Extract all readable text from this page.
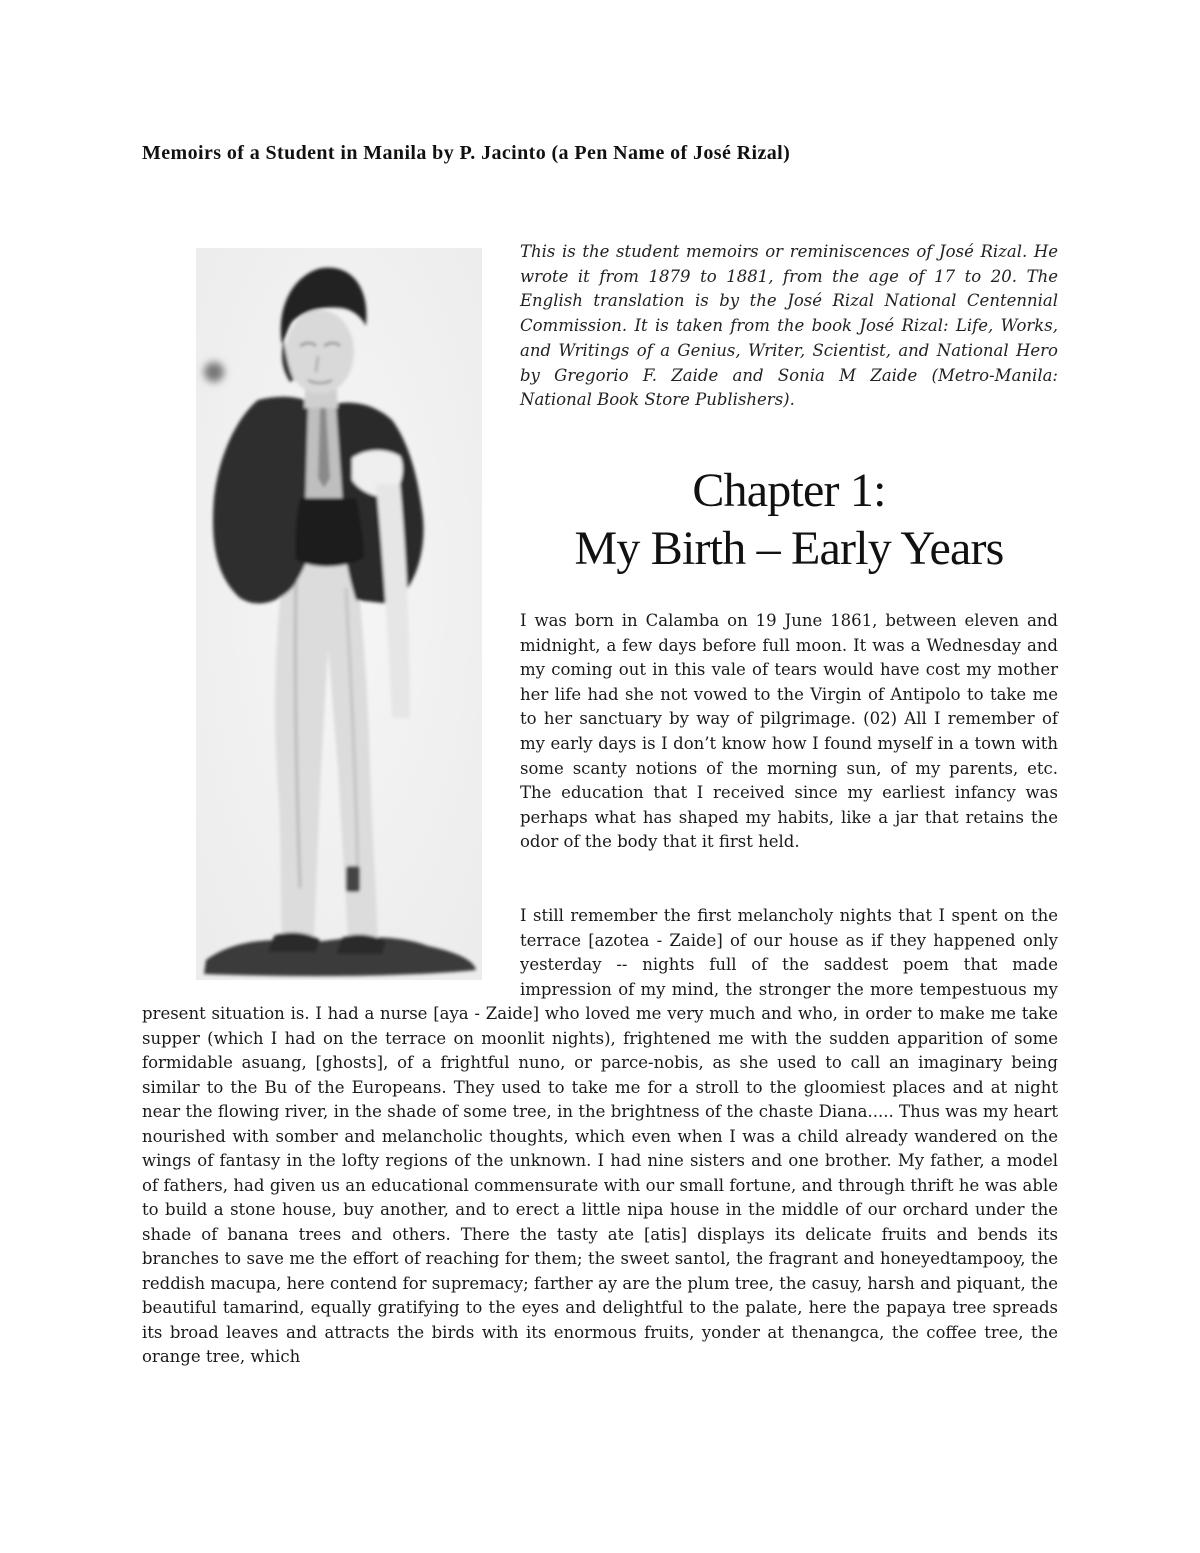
Memoirs of a Student in Manila by P. Jacinto (a Pen Name of José Rizal)

This is the student memoirs or reminiscences of José Rizal. He wrote it from 1879 to 1881, from the age of 17 to 20. The English translation is by the José Rizal National Centennial Commission. It is taken from the book José Rizal: Life, Works, and Writings of a Genius, Writer, Scientist, and National Hero by Gregorio F. Zaide and Sonia M Zaide (Metro-Manila: National Book Store Publishers).

Chapter 1:
My Birth – Early Years

I was born in Calamba on 19 June 1861, between eleven and midnight, a few days before full moon. It was a Wednesday and my coming out in this vale of tears would have cost my mother her life had she not vowed to the Virgin of Antipolo to take me to her sanctuary by way of pilgrimage. (02) All I remember of my early days is I don’t know how I found myself in a town with some scanty notions of the morning sun, of my parents, etc. The education that I received since my earliest infancy was perhaps what has shaped my habits, like a jar that retains the odor of the body that it first held.

I still remember the first melancholy nights that I spent on the terrace [azotea - Zaide] of our house as if they happened only yesterday -- nights full of the saddest poem that made impression of my mind, the stronger the more tempestuous my present situation is. I had a nurse [aya - Zaide] who loved me very much and who, in order to make me take supper (which I had on the terrace on moonlit nights), frightened me with the sudden apparition of some formidable asuang, [ghosts], of a frightful nuno, or parce-nobis, as she used to call an imaginary being similar to the Bu of the Europeans. They used to take me for a stroll to the gloomiest places and at night near the flowing river, in the shade of some tree, in the brightness of the chaste Diana..... Thus was my heart nourished with somber and melancholic thoughts, which even when I was a child already wandered on the wings of fantasy in the lofty regions of the unknown. I had nine sisters and one brother. My father, a model of fathers, had given us an educational commensurate with our small fortune, and through thrift he was able to build a stone house, buy another, and to erect a little nipa house in the middle of our orchard under the shade of banana trees and others. There the tasty ate [atis] displays its delicate fruits and bends its branches to save me the effort of reaching for them; the sweet santol, the fragrant and honeyedtampooy, the reddish macupa, here contend for supremacy; farther ay are the plum tree, the casuy, harsh and piquant, the beautiful tamarind, equally gratifying to the eyes and delightful to the palate, here the papaya tree spreads its broad leaves and attracts the birds with its enormous fruits, yonder at thenangca, the coffee tree, the orange tree, which
